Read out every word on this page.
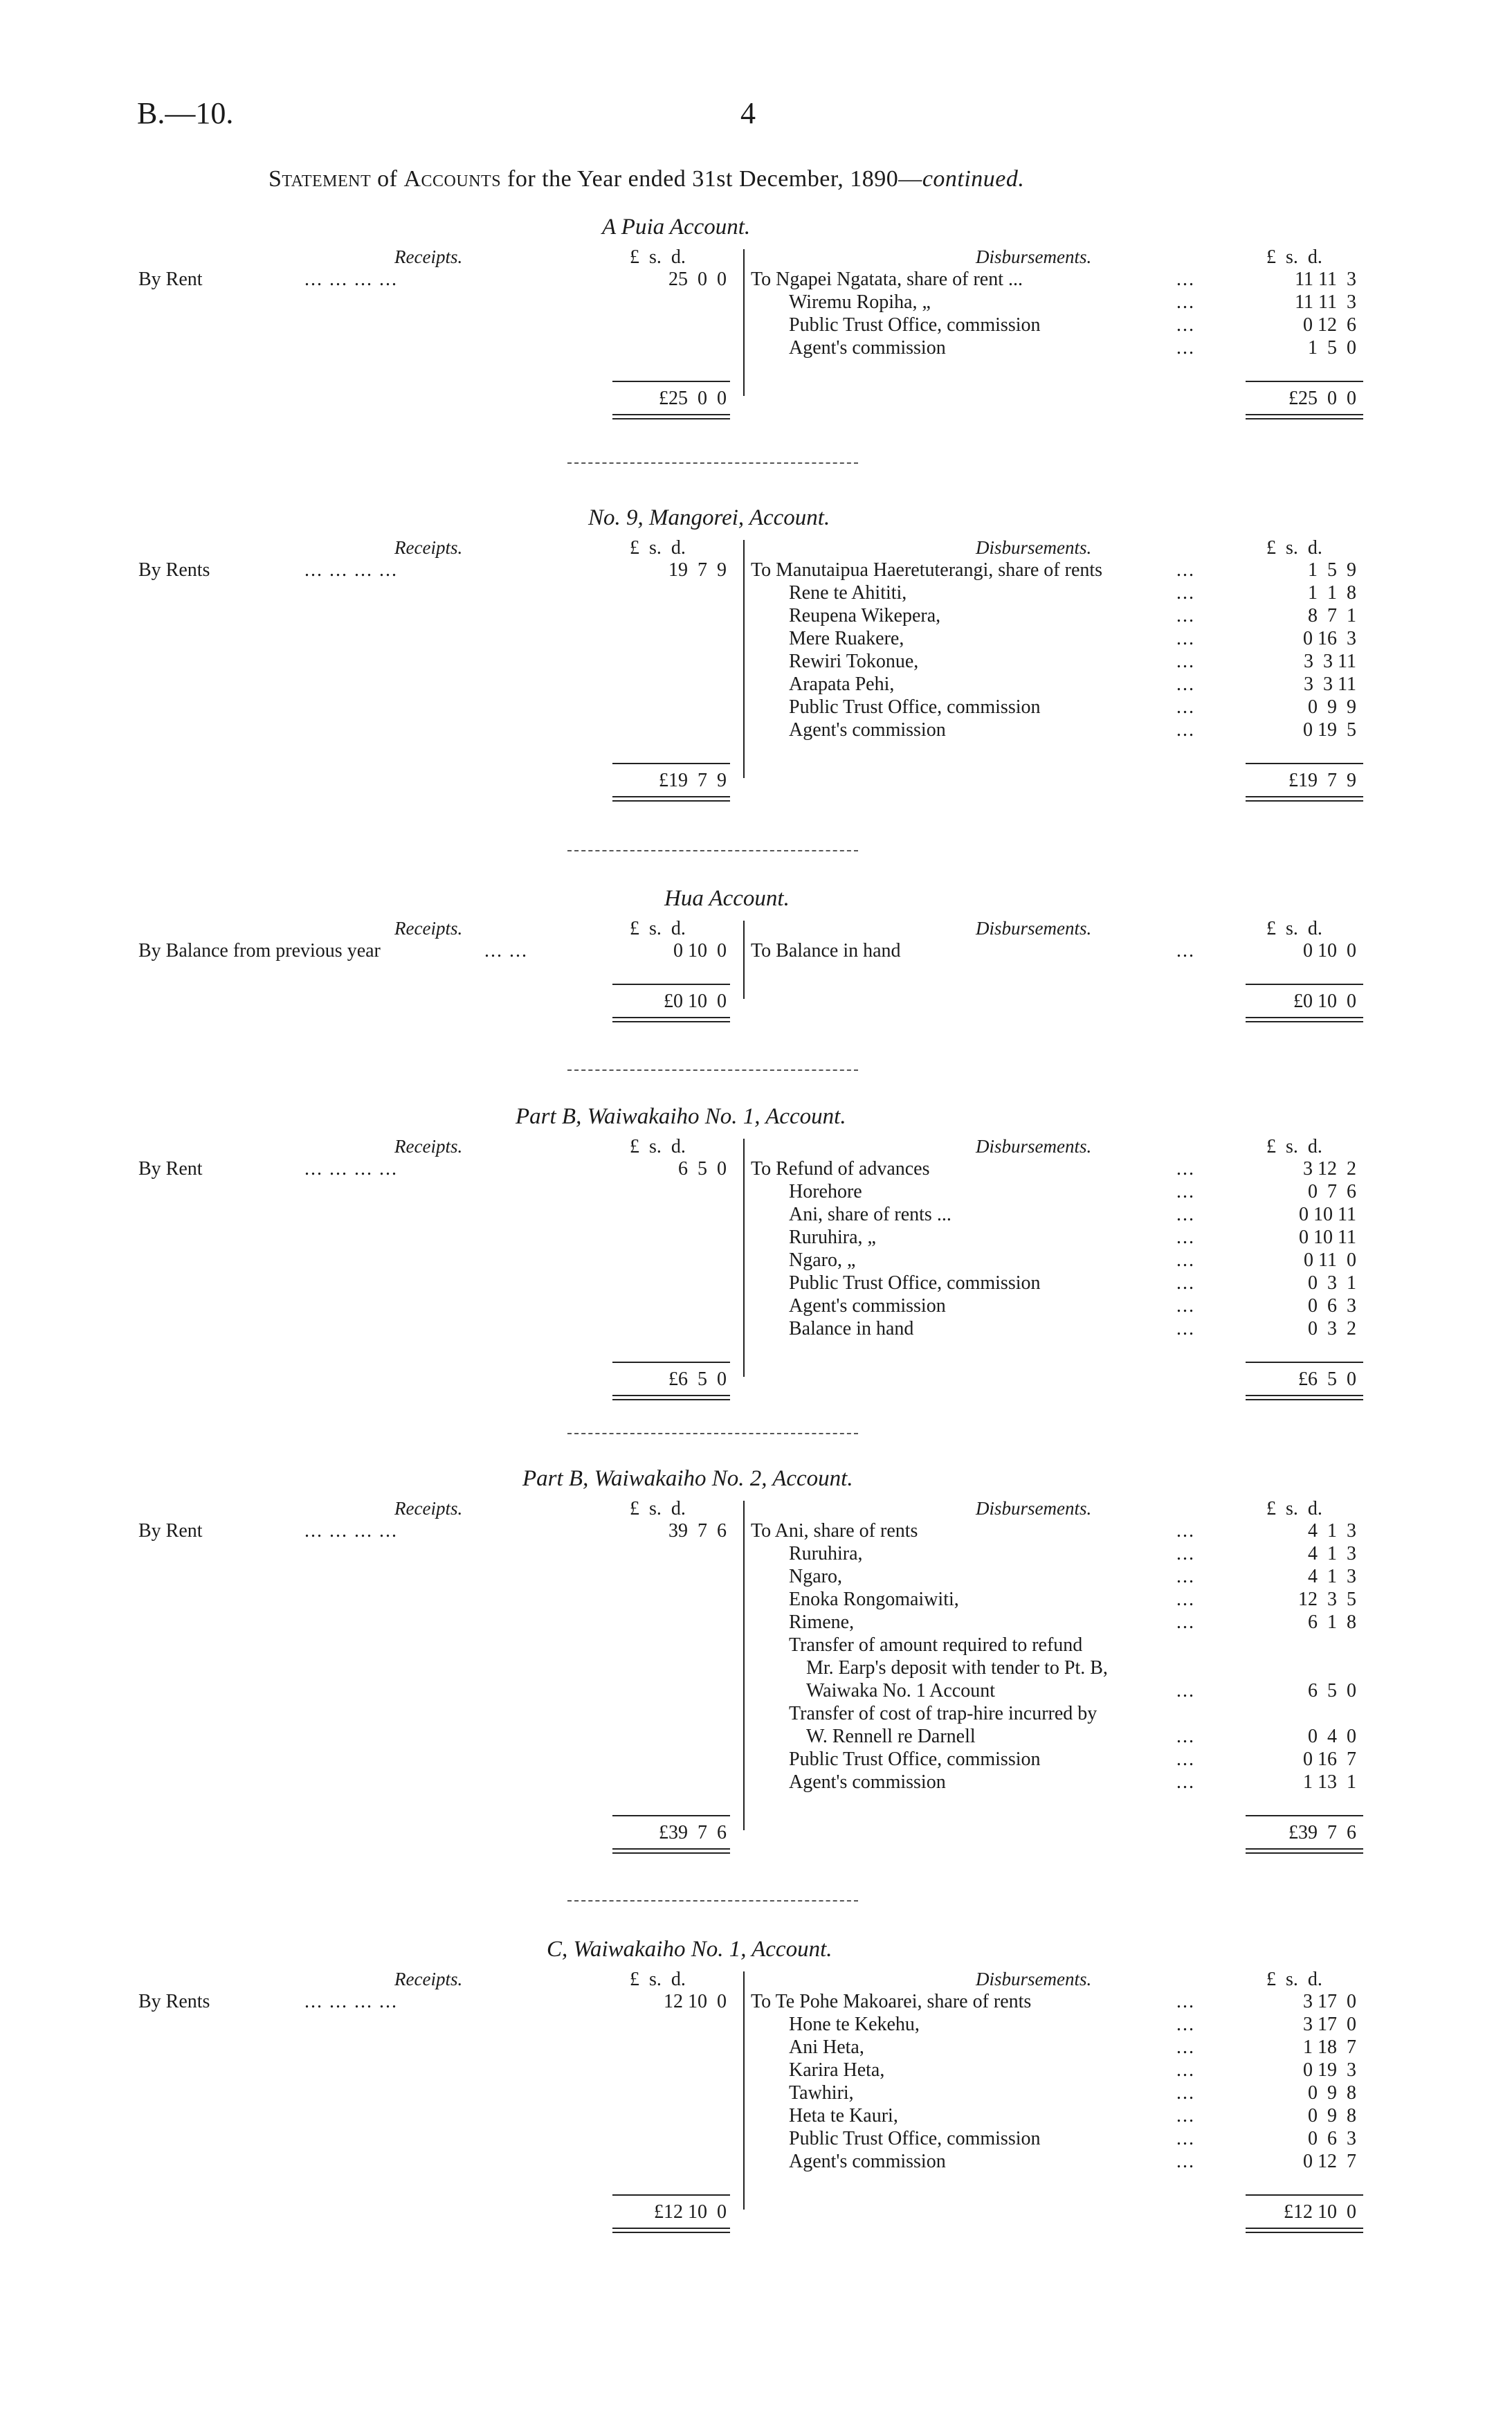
B.—10.	4
Statement of Accounts for the Year ended 31st December, 1890—continued.
A Puia Account.
Receipts.	£  s.  d.	Disbursements.	£  s.  d.
By Rent	... ... ... ...	25  0  0 To Ngapei Ngatata, share of rent ...	...	11 11  3
Wiremu Ropiha, „	...	11 11  3
Public Trust Office, commission	...	0 12  6
Agent's commission	...	1  5  0
£25  0  0	£25  0  0
No. 9, Mangorei, Account.
Receipts.	£  s.  d.	Disbursements.	£  s.  d.
By Rents	... ... ... ...	19  7  9 To Manutaipua Haeretuterangi, share of rents	...	1  5  9
Rene te Ahititi,	...	1  1  8
Reupena Wikepera,	...	8  7  1
Mere Ruakere,	...	0 16  3
Rewiri Tokonue,	...	3  3 11
Arapata Pehi,	...	3  3 11
Public Trust Office, commission	...	0  9  9
Agent's commission	...	0 19  5
£19  7  9	£19  7  9
Hua Account.
Receipts.	£  s.  d.	Disbursements.	£  s.  d.
By Balance from previous year	... ...	0 10  0 To Balance in hand	...	0 10  0
£0 10  0	£0 10  0
Part B, Waiwakaiho No. 1, Account.
Receipts.	£  s.  d.	Disbursements.	£  s.  d.
By Rent	... ... ... ...	6  5  0 To Refund of advances	...	3 12  2
Horehore	...	0  7  6
Ani, share of rents ...	...	0 10 11
Ruruhira, „	...	0 10 11
Ngaro, „	...	0 11  0
Public Trust Office, commission	...	0  3  1
Agent's commission	...	0  6  3
Balance in hand	...	0  3  2
£6  5  0	£6  5  0
Part B, Waiwakaiho No. 2, Account.
Receipts.	£  s.  d.	Disbursements.	£  s.  d.
By Rent	... ... ... ...	39  7  6 To Ani, share of rents	...	4  1  3
Ruruhira,	...	4  1  3
Ngaro,	...	4  1  3
Enoka Rongomaiwiti,	...	12  3  5
Rimene,	...	6  1  8
Transfer of amount required to refund
Mr. Earp's deposit with tender to Pt. B,
Waiwaka No. 1 Account	...	6  5  0
Transfer of cost of trap-hire incurred by
W. Rennell re Darnell	...	0  4  0
Public Trust Office, commission	...	0 16  7
Agent's commission	...	1 13  1
£39  7  6	£39  7  6
C, Waiwakaiho No. 1, Account.
Receipts.	£  s.  d.	Disbursements.	£  s.  d.
By Rents	... ... ... ...	12 10  0 To Te Pohe Makoarei, share of rents	...	3 17  0
Hone te Kekehu,	...	3 17  0
Ani Heta,	...	1 18  7
Karira Heta,	...	0 19  3
Tawhiri,	...	0  9  8
Heta te Kauri,	...	0  9  8
Public Trust Office, commission	...	0  6  3
Agent's commission	...	0 12  7
£12 10  0	£12 10  0
